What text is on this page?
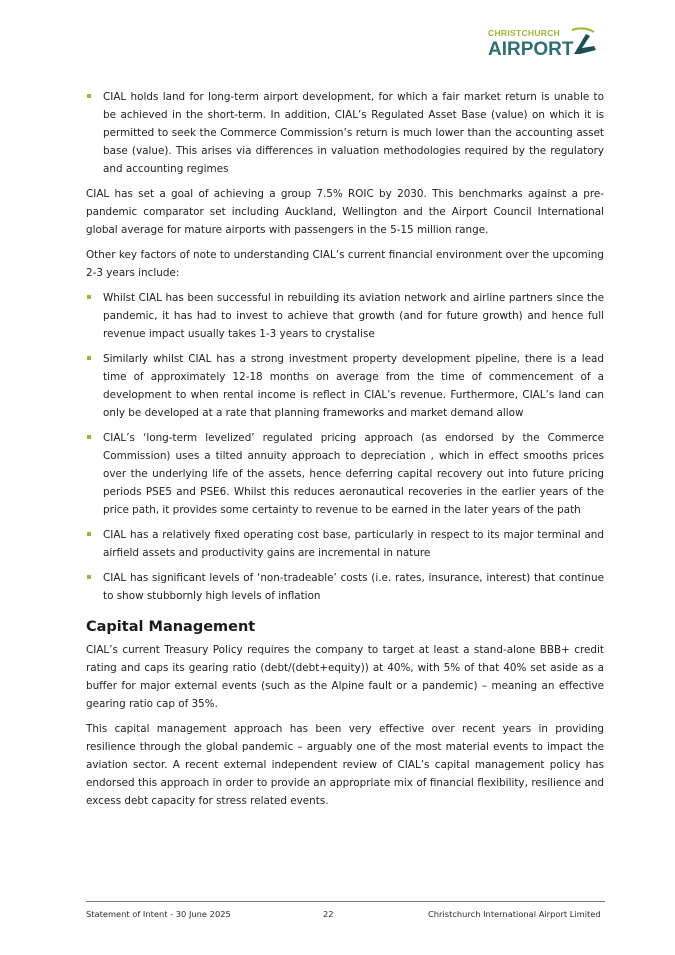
CHRISTCHURCH
AIRPORT
CIAL holds land for long-term airport development, for which a fair market return is unable to be achieved in the short-term. In addition, CIAL’s Regulated Asset Base (value) on which it is permitted to seek the Commerce Commission’s return is much lower than the accounting asset base (value). This arises via differences in valuation methodologies required by the regulatory and accounting regimes

CIAL has set a goal of achieving a group 7.5% ROIC by 2030. This benchmarks against a pre-pandemic comparator set including Auckland, Wellington and the Airport Council International global average for mature airports with passengers in the 5-15 million range.

Other key factors of note to understanding CIAL’s current financial environment over the upcoming 2-3 years include:

Whilst CIAL has been successful in rebuilding its aviation network and airline partners since the pandemic, it has had to invest to achieve that growth (and for future growth) and hence full revenue impact usually takes 1-3 years to crystalise
Similarly whilst CIAL has a strong investment property development pipeline, there is a lead time of approximately 12-18 months on average from the time of commencement of a development to when rental income is reflect in CIAL’s revenue. Furthermore, CIAL’s land can only be developed at a rate that planning frameworks and market demand allow
CIAL’s ‘long-term levelized’ regulated pricing approach (as endorsed by the Commerce Commission) uses a tilted annuity approach to depreciation , which in effect smooths prices over the underlying life of the assets, hence deferring capital recovery out into future pricing periods PSE5 and PSE6. Whilst this reduces aeronautical recoveries in the earlier years of the price path, it provides some certainty to revenue to be earned in the later years of the path
CIAL has a relatively fixed operating cost base, particularly in respect to its major terminal and airfield assets and productivity gains are incremental in nature
CIAL has significant levels of ‘non-tradeable’ costs (i.e. rates, insurance, interest) that continue to show stubbornly high levels of inflation
Capital Management

CIAL’s current Treasury Policy requires the company to target at least a stand-alone BBB+ credit rating and caps its gearing ratio (debt/(debt+equity)) at 40%, with 5% of that 40% set aside as a buffer for major external events (such as the Alpine fault or a pandemic) – meaning an effective gearing ratio cap of 35%.

This capital management approach has been very effective over recent years in providing resilience through the global pandemic – arguably one of the most material events to impact the aviation sector. A recent external independent review of CIAL’s capital management policy has endorsed this approach in order to provide an appropriate mix of financial flexibility, resilience and excess debt capacity for stress related events.

Statement of Intent - 30 June 2025	22	Christchurch International Airport Limited
